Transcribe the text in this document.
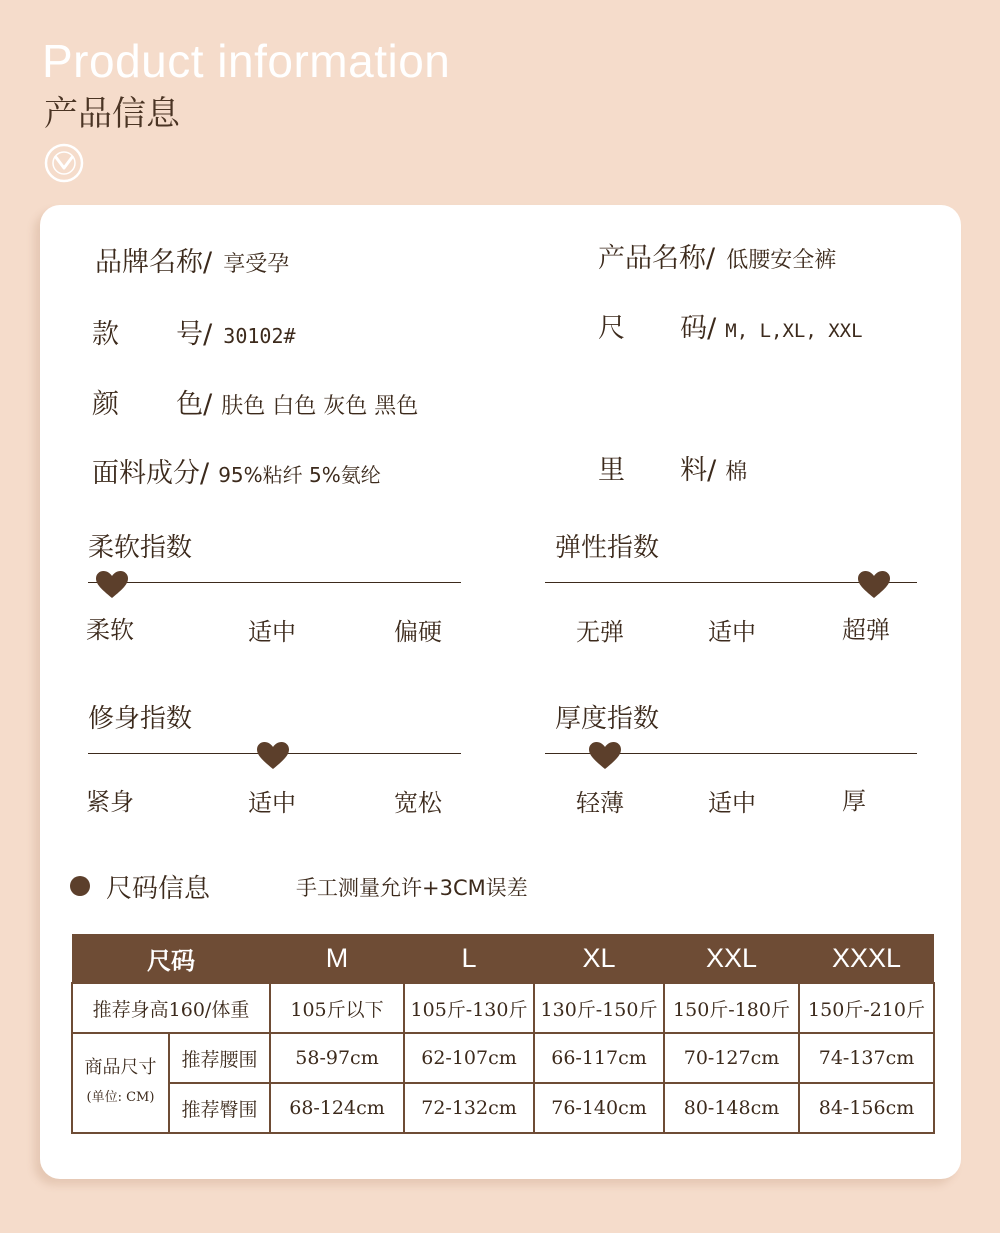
Product information
产品信息
品牌名称/ 享受孕	产品名称/ 低腰安全裤
款 号/ 30102#	尺 码/ M, L,XL, XXL
颜 色/ 肤色 白色 灰色 黑色
面料成分/ 95%粘纤 5%氨纶	里 料/ 棉
柔软指数
柔软	适中	偏硬
弹性指数
无弹	适中	超弹
修身指数
紧身	适中	宽松
厚度指数
轻薄	适中	厚
尺码信息	手工测量允许+3CM误差
尺码		M	L	XL	XXL	XXXL
推荐身高160/体重		105斤以下	105斤-130斤	130斤-150斤	150斤-180斤	150斤-210斤

商品尺寸
(单位: CM)	推荐腰围	58-97cm	62-107cm	66-117cm	70-127cm	74-137cm
	推荐臀围	68-124cm	72-132cm	76-140cm	80-148cm	84-156cm
